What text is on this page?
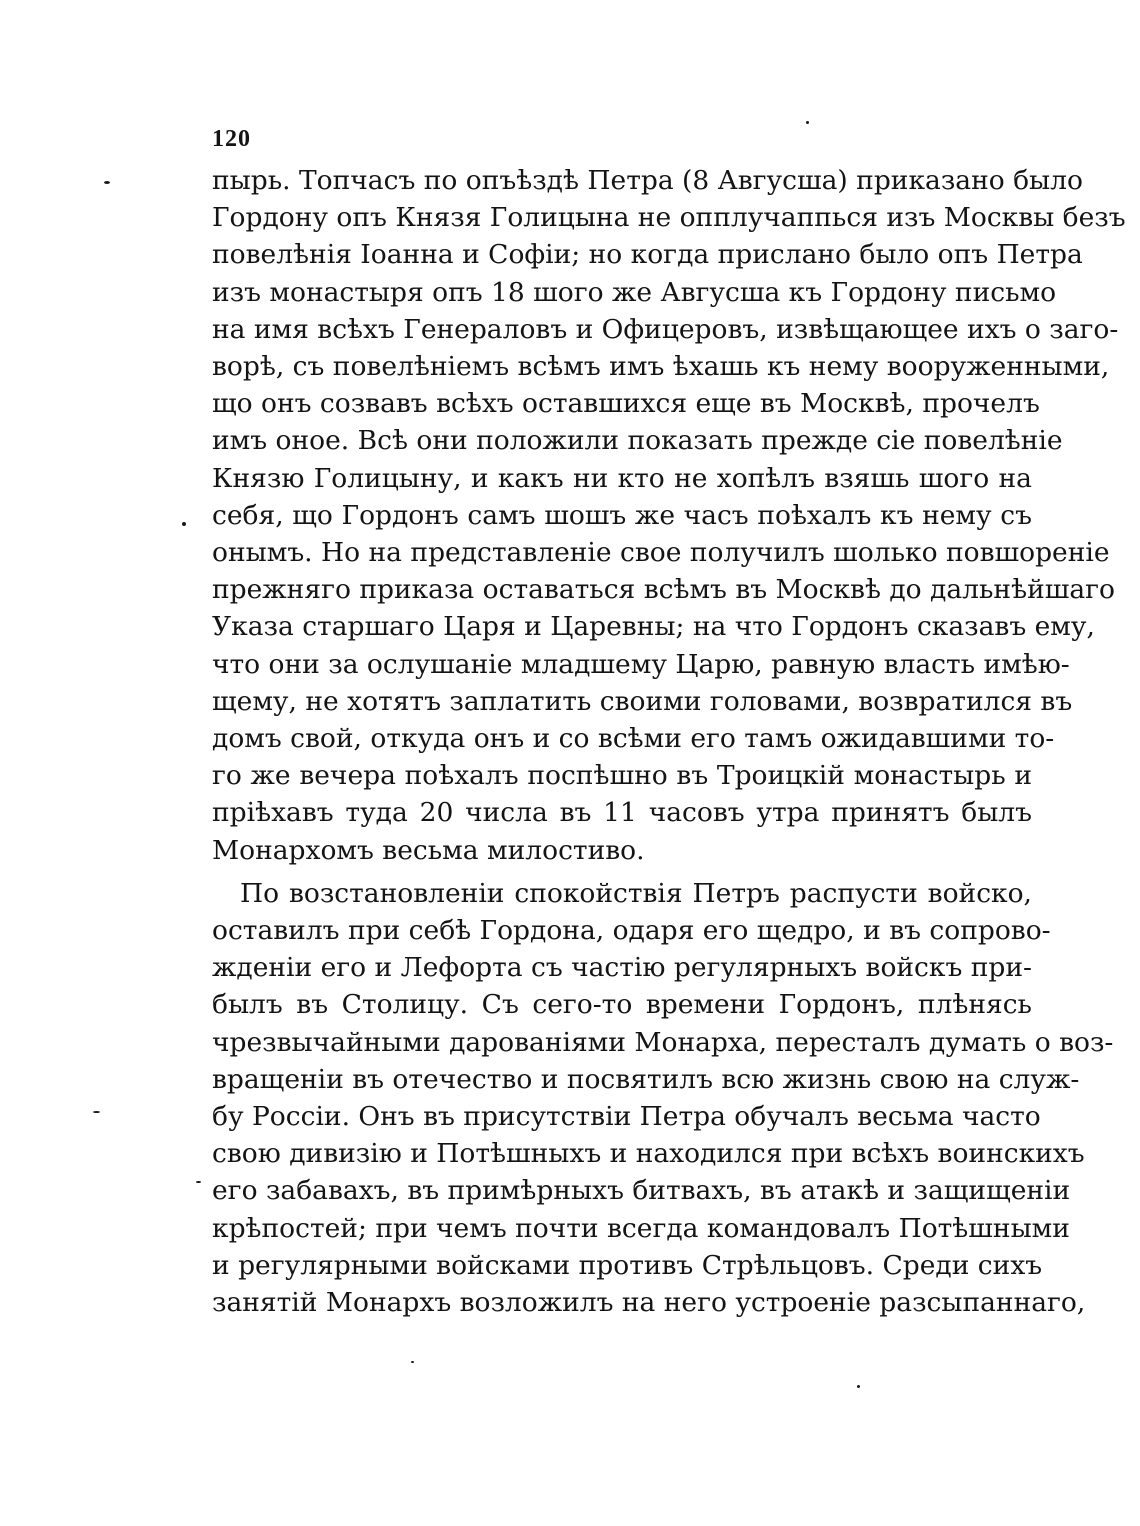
120
пырь. Топчасъ по опъѣздѣ Петра (8 Авгусша) приказано было
Гордону опъ Князя Голицына не опплучаппься изъ Москвы безъ
повелѣнія Іоанна и Софіи; но когда прислано было опъ Петра
изъ монастыря опъ 18 шого же Авгусша къ Гордону письмо
на имя всѣхъ Генераловъ и Офицеровъ, извѣщающее ихъ о заго-
ворѣ, съ повелѣніемъ всѣмъ имъ ѣхашь къ нему вооруженными,
що онъ созвавъ всѣхъ оставшихся еще въ Москвѣ, прочелъ
имъ оное. Всѣ они положили показать прежде сіе повелѣніе
Князю Голицыну, и какъ ни кто не хопѣлъ взяшь шого на
себя, що Гордонъ самъ шошъ же часъ поѣхалъ къ нему съ
онымъ. Но на представленіе свое получилъ шолько повшореніе
прежняго приказа оставаться всѣмъ въ Москвѣ до дальнѣйшаго
Указа старшаго Царя и Царевны; на что Гордонъ сказавъ ему,
что они за ослушаніе младшему Царю, равную власть имѣю-
щему, не хотятъ заплатить своими головами, возвратился въ
домъ свой, откуда онъ и со всѣми его тамъ ожидавшими то-
го же вечера поѣхалъ поспѣшно въ Троицкій монастырь и
пріѣхавъ туда 20 числа въ 11 часовъ утра принятъ былъ
Монархомъ весьма милостиво.
По возстановленіи спокойствія Петръ распусти войско,
оставилъ при себѣ Гордона, одаря его щедро, и въ сопрово-
жденіи его и Лефорта съ частію регулярныхъ войскъ при-
былъ въ Столицу. Съ сего-то времени Гордонъ, плѣнясь
чрезвычайными дарованіями Монарха, пересталъ думать о воз-
вращеніи въ отечество и посвятилъ всю жизнь свою на служ-
бу Россіи. Онъ въ присутствіи Петра обучалъ весьма часто
свою дивизію и Потѣшныхъ и находился при всѣхъ воинскихъ
его забавахъ, въ примѣрныхъ битвахъ, въ атакѣ и защищеніи
крѣпостей; при чемъ почти всегда командовалъ Потѣшными
и регулярными войсками противъ Стрѣльцовъ. Среди сихъ
занятій Монархъ возложилъ на него устроеніе разсыпаннаго,
